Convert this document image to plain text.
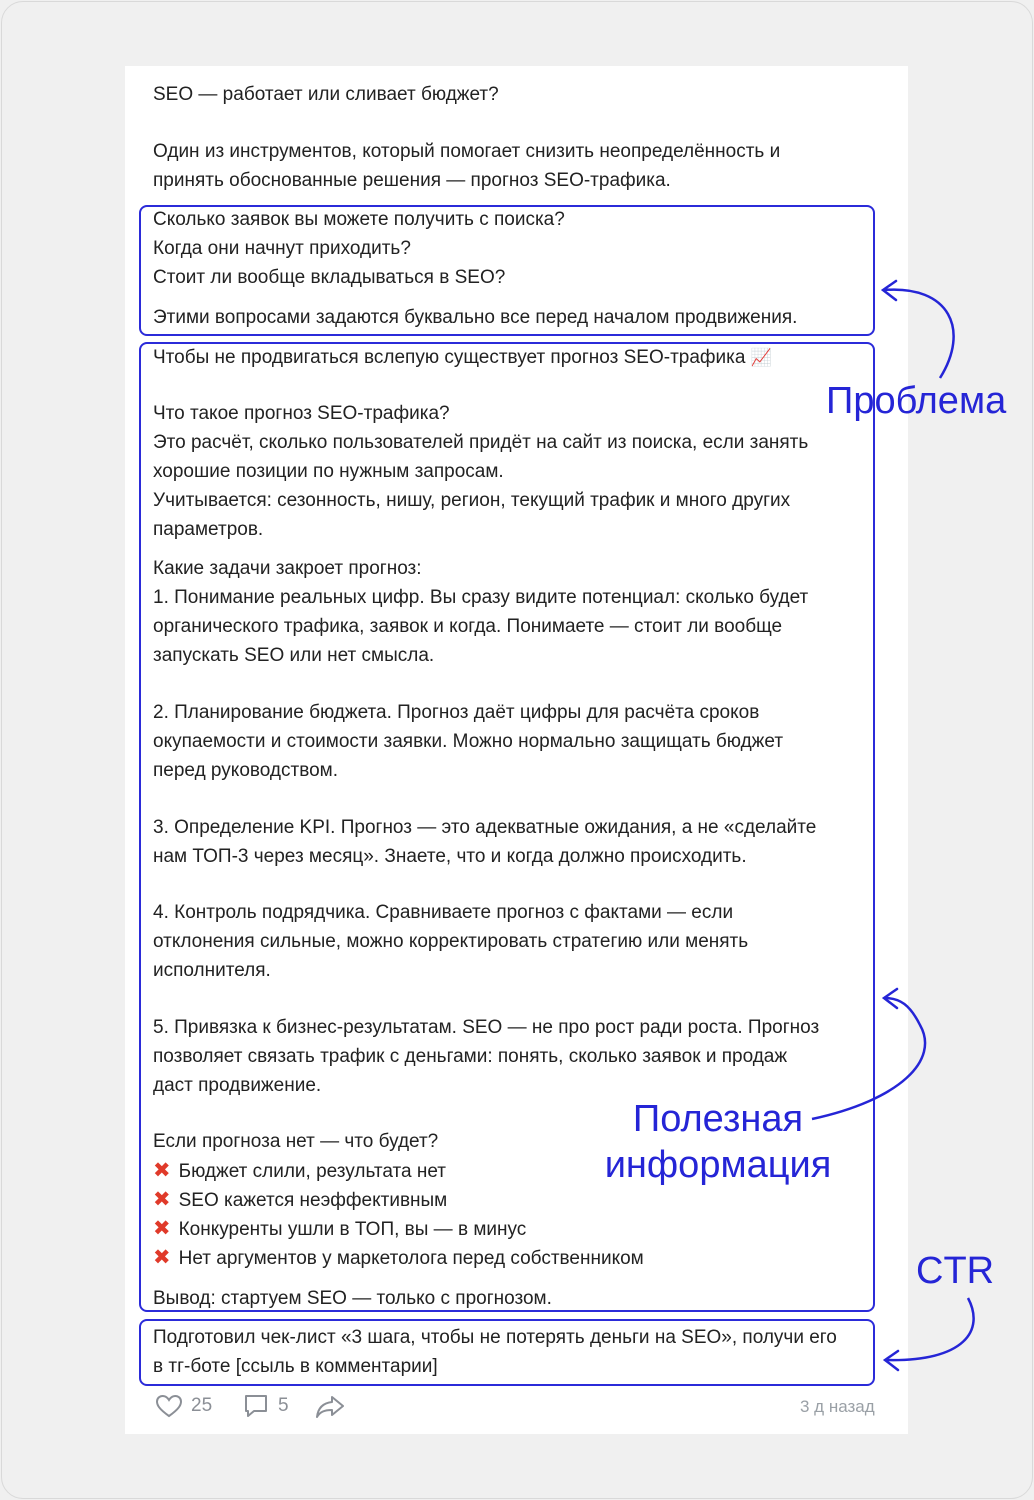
SEO — работает или сливает бюджет?
Один из инструментов, который помогает снизить неопределённость и
принять обоснованные решения — прогноз SEO-трафика.
Сколько заявок вы можете получить с поиска?
Когда они начнут приходить?
Стоит ли вообще вкладываться в SEO?
Этими вопросами задаются буквально все перед началом продвижения.
Чтобы не продвигаться вслепую существует прогноз SEO-трафика 📈
Что такое прогноз SEO-трафика?
Это расчёт, сколько пользователей придёт на сайт из поиска, если занять
хорошие позиции по нужным запросам.
Учитывается: сезонность, нишу, регион, текущий трафик и много других
параметров.
Какие задачи закроет прогноз:
1. Понимание реальных цифр. Вы сразу видите потенциал: сколько будет
органического трафика, заявок и когда. Понимаете — стоит ли вообще
запускать SEO или нет смысла.
2. Планирование бюджета. Прогноз даёт цифры для расчёта сроков
окупаемости и стоимости заявки. Можно нормально защищать бюджет
перед руководством.
3. Определение KPI. Прогноз — это адекватные ожидания, а не «сделайте
нам ТОП-3 через месяц». Знаете, что и когда должно происходить.
4. Контроль подрядчика. Сравниваете прогноз с фактами — если
отклонения сильные, можно корректировать стратегию или менять
исполнителя.
5. Привязка к бизнес-результатам. SEO — не про рост ради роста. Прогноз
позволяет связать трафик с деньгами: понять, сколько заявок и продаж
даст продвижение.
Если прогноза нет — что будет?
✖ Бюджет слили, результата нет
✖ SEO кажется неэффективным
✖ Конкуренты ушли в ТОП, вы — в минус
✖ Нет аргументов у маркетолога перед собственником
Вывод: стартуем SEO — только с прогнозом.
Подготовил чек-лист «3 шага, чтобы не потерять деньги на SEO», получи его
в тг-боте [ссыль в комментарии]
25	5	3 д назад
Проблема
Полезная
информация
CTR
